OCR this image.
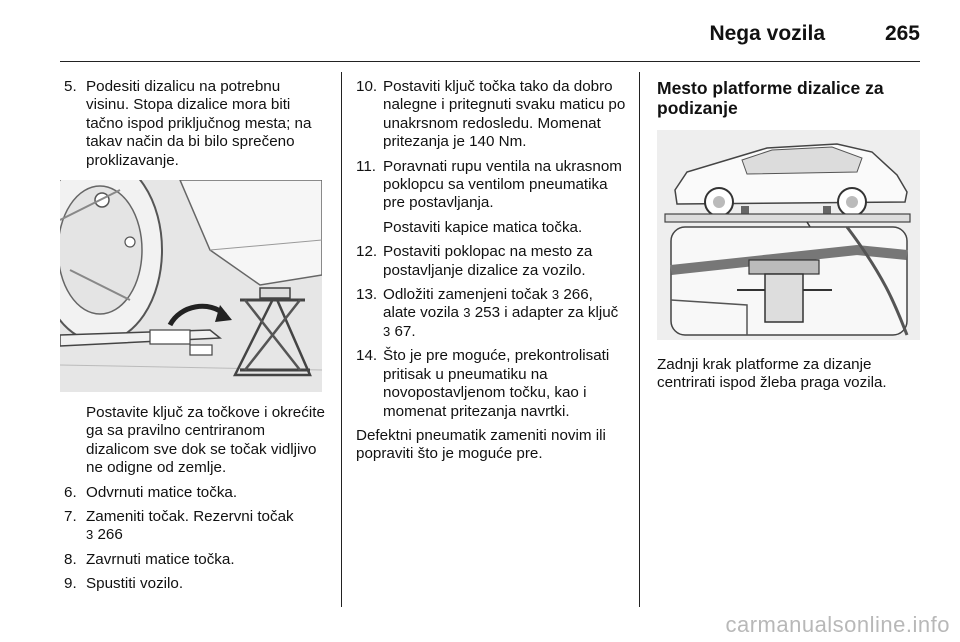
Nega vozila	265
5. Podesiti dizalicu na potrebnu visinu. Stopa dizalice mora biti tačno ispod priključnog mesta; na takav način da bi bilo sprečeno proklizavanje.
Postavite ključ za točkove i okrećite ga sa pravilno centriranom dizalicom sve dok se točak vidljivo ne odigne od zemlje.
6. Odvrnuti matice točka.
7. Zameniti točak. Rezervni točak
3 266
8. Zavrnuti matice točka.
9. Spustiti vozilo.
10. Postaviti ključ točka tako da dobro nalegne i pritegnuti svaku maticu po unakrsnom redosledu. Momenat pritezanja je 140 Nm.
11. Poravnati rupu ventila na ukrasnom poklopcu sa ventilom pneumatika pre postavljanja.
Postaviti kapice matica točka.
12. Postaviti poklopac na mesto za postavljanje dizalice za vozilo.
13. Odložiti zamenjeni točak 3 266, alate vozila 3 253 i adapter za ključ 3 67.
14. Što je pre moguće, prekontrolisati pritisak u pneumatiku na novopostavljenom točku, kao i momenat pritezanja navrtki.
Defektni pneumatik zameniti novim ili popraviti što je moguće pre.
Mesto platforme dizalice za podizanje
Zadnji krak platforme za dizanje centrirati ispod žleba praga vozila.
carmanualsonline.info
